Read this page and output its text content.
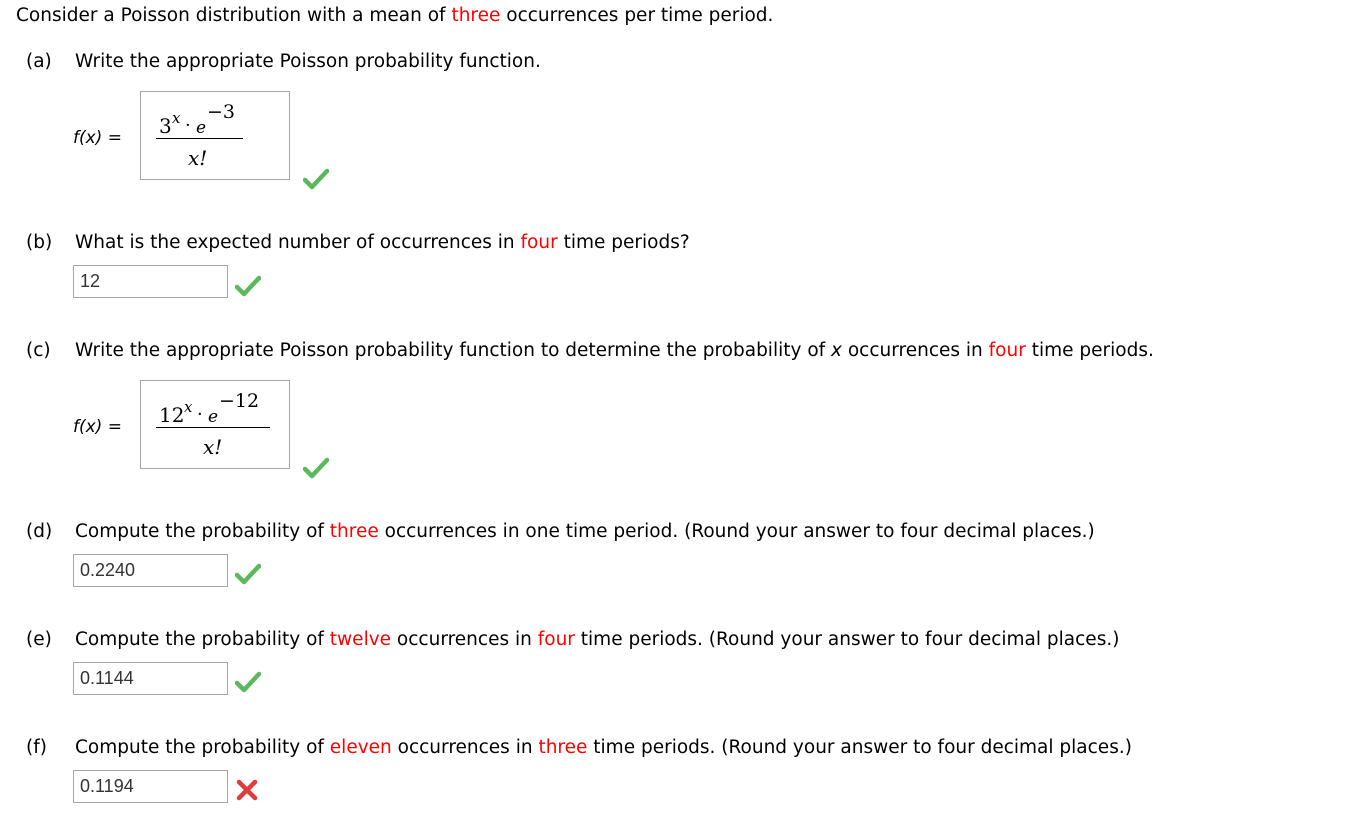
Consider a Poisson distribution with a mean of three occurrences per time period.
(a) Write the appropriate Poisson probability function.
f(x) = 3 x · e
−3
x!
(b) What is the expected number of occurrences in four time periods?
12
(c) Write the appropriate Poisson probability function to determine the probability of x occurrences in four time periods.
f(x) = 12 x · e
−12
x!
(d) Compute the probability of three occurrences in one time period. (Round your answer to four decimal places.)
0.2240
(e) Compute the probability of twelve occurrences in four time periods. (Round your answer to four decimal places.)
0.1144
(f) Compute the probability of eleven occurrences in three time periods. (Round your answer to four decimal places.)
0.1194
